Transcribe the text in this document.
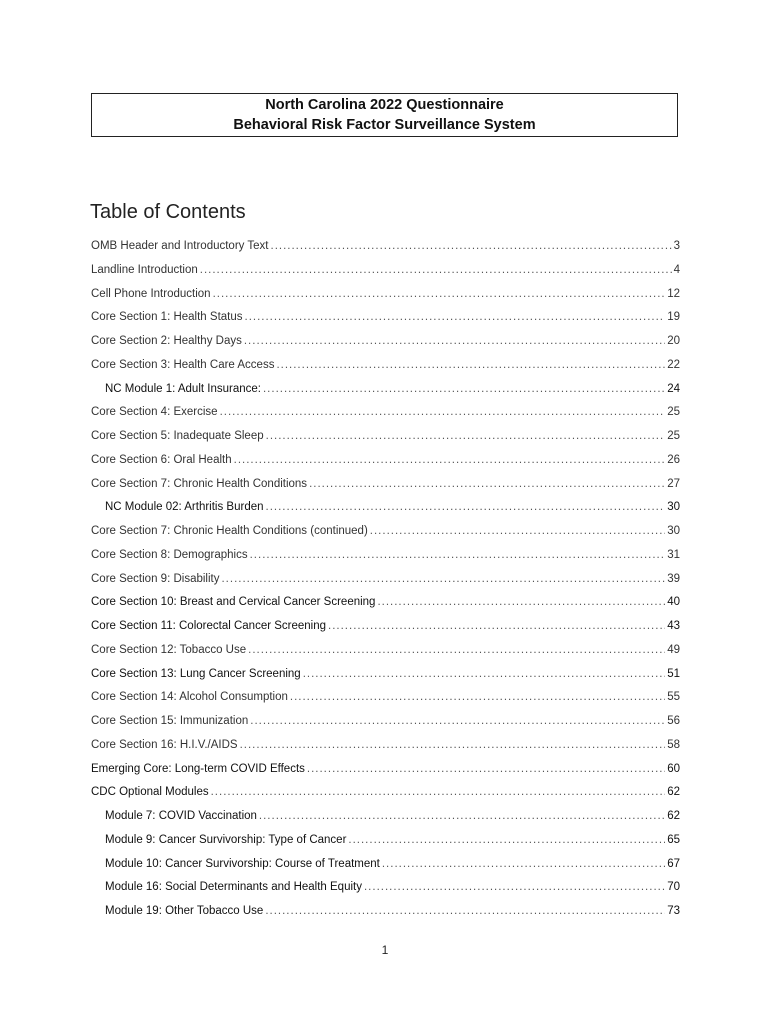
North Carolina 2022 Questionnaire
Behavioral Risk Factor Surveillance System
Table of Contents
OMB Header and Introductory Text .....	3
Landline Introduction .....	4
Cell Phone Introduction .....	12
Core Section 1: Health Status .....	19
Core Section 2: Healthy Days .....	20
Core Section 3: Health Care Access .....	22
NC Module 1: Adult Insurance: .....	24
Core Section 4: Exercise .....	25
Core Section 5: Inadequate Sleep .....	25
Core Section 6: Oral Health .....	26
Core Section 7: Chronic Health Conditions .....	27
NC Module 02: Arthritis Burden .....	30
Core Section 7: Chronic Health Conditions (continued) .....	30
Core Section 8: Demographics .....	31
Core Section 9: Disability .....	39
Core Section 10: Breast and Cervical Cancer Screening .....	40
Core Section 11: Colorectal Cancer Screening .....	43
Core Section 12: Tobacco Use .....	49
Core Section 13: Lung Cancer Screening .....	51
Core Section 14: Alcohol Consumption .....	55
Core Section 15: Immunization .....	56
Core Section 16: H.I.V./AIDS .....	58
Emerging Core: Long-term COVID Effects .....	60
CDC Optional Modules .....	62
Module 7: COVID Vaccination .....	62
Module 9: Cancer Survivorship: Type of Cancer .....	65
Module 10: Cancer Survivorship: Course of Treatment .....	67
Module 16: Social Determinants and Health Equity .....	70
Module 19: Other Tobacco Use .....	73
1
